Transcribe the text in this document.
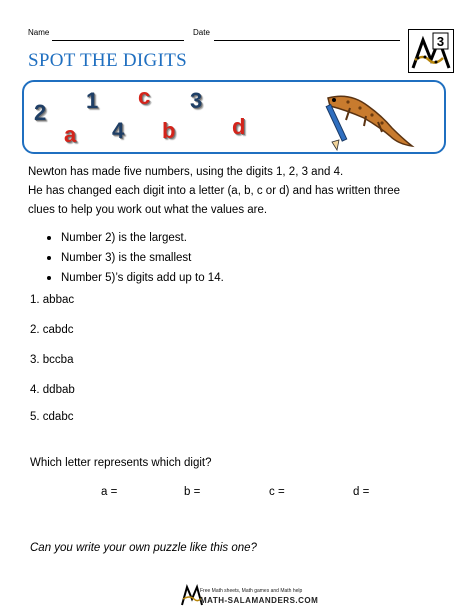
Name	Date
SPOT THE DIGITS
3
2 1 c 3
a 4 b	d
Newton has made five numbers, using the digits 1, 2, 3 and 4.
He has changed each digit into a letter (a, b, c or d) and has written three
clues to help you work out what the values are.
Number 2) is the largest.
Number 3) is the smallest
Number 5)’s digits add up to 14.
1. abbac
2. cabdc
3. bccba
4. ddbab
5. cdabc
Which letter represents which digit?
a =	b =	c =	d =
Can you write your own puzzle like this one?
Free Math sheets, Math games and Math help
MATH-SALAMANDERS.COM
